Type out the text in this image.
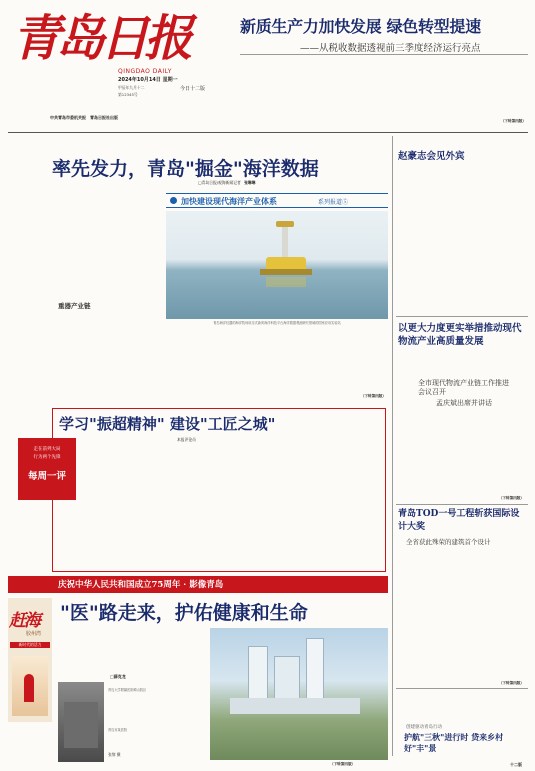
青岛日报
QINGDAO DAILY
2024年10月14日 星期一
甲辰年九月十二
第12345号
今日十二版
中共青岛市委机关报　青岛日报社出版
新质生产力加快发展 绿色转型提速
——从税收数据透视前三季度经济运行亮点
（下转第四版）
率先发力，青岛"掘金"海洋数据
□青岛日报/观海新闻记者 张琳琳
加快建设现代海洋产业体系	系列报道⑤
重器产业链
青岛海洋仪器的海洋牧场用浮式新风海洋科技平台海洋数据观测研究领域的国家应用实验站
（下转第四版）
赵豪志会见外宾
以更大力度更实举措推动现代物流产业高质量发展
全市现代物流产业链工作推进会议召开
孟庆斌出席并讲话
（下转第四版）
青岛TOD一号工程斩获国际设计大奖
全省获此殊荣的建筑首个设计
（下转第四版）
创建驱动青岛行动
护航"三秋"进行时 贷来乡村好"丰"景
十二版
学习"振超精神" 建设"工匠之城"
本报评论员
走在前列大局
行为两个先锋
每周一评
庆祝中华人民共和国成立75周年 · 影像青岛
赶海
胶州湾
新时代的活力
"医"路走来，护佑健康和生命
□薛克龙
青岛大学附属医院崂山院区
青岛市某医院
张黎 摄
（下转第四版）
